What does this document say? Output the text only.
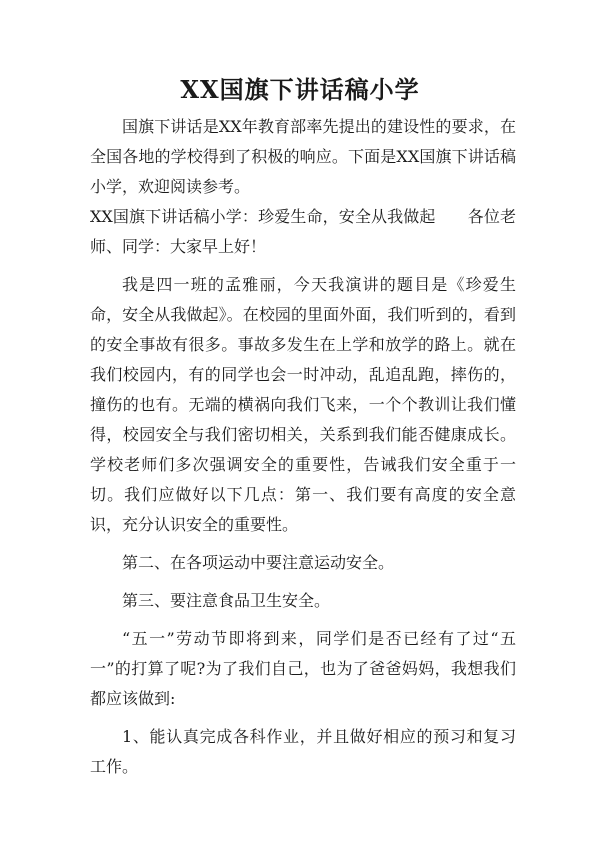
XX国旗下讲话稿小学

国旗下讲话是XX年教育部率先提出的建设性的要求，在全国各地的学校得到了积极的响应。下面是XX国旗下讲话稿小学，欢迎阅读参考。

XX国旗下讲话稿小学：珍爱生命，安全从我做起　　各位老师、同学：大家早上好！

我是四一班的孟雅丽，今天我演讲的题目是《珍爱生命，安全从我做起》。在校园的里面外面，我们听到的，看到的安全事故有很多。事故多发生在上学和放学的路上。就在我们校园内，有的同学也会一时冲动，乱追乱跑，摔伤的，撞伤的也有。无端的横祸向我们飞来，一个个教训让我们懂得，校园安全与我们密切相关，关系到我们能否健康成长。学校老师们多次强调安全的重要性，告诫我们安全重于一切。我们应做好以下几点：第一、我们要有高度的安全意识，充分认识安全的重要性。

第二、在各项运动中要注意运动安全。

第三、要注意食品卫生安全。

“五一”劳动节即将到来，同学们是否已经有了过“五一”的打算了呢?为了我们自己，也为了爸爸妈妈，我想我们都应该做到:

1、能认真完成各科作业，并且做好相应的预习和复习工作。
